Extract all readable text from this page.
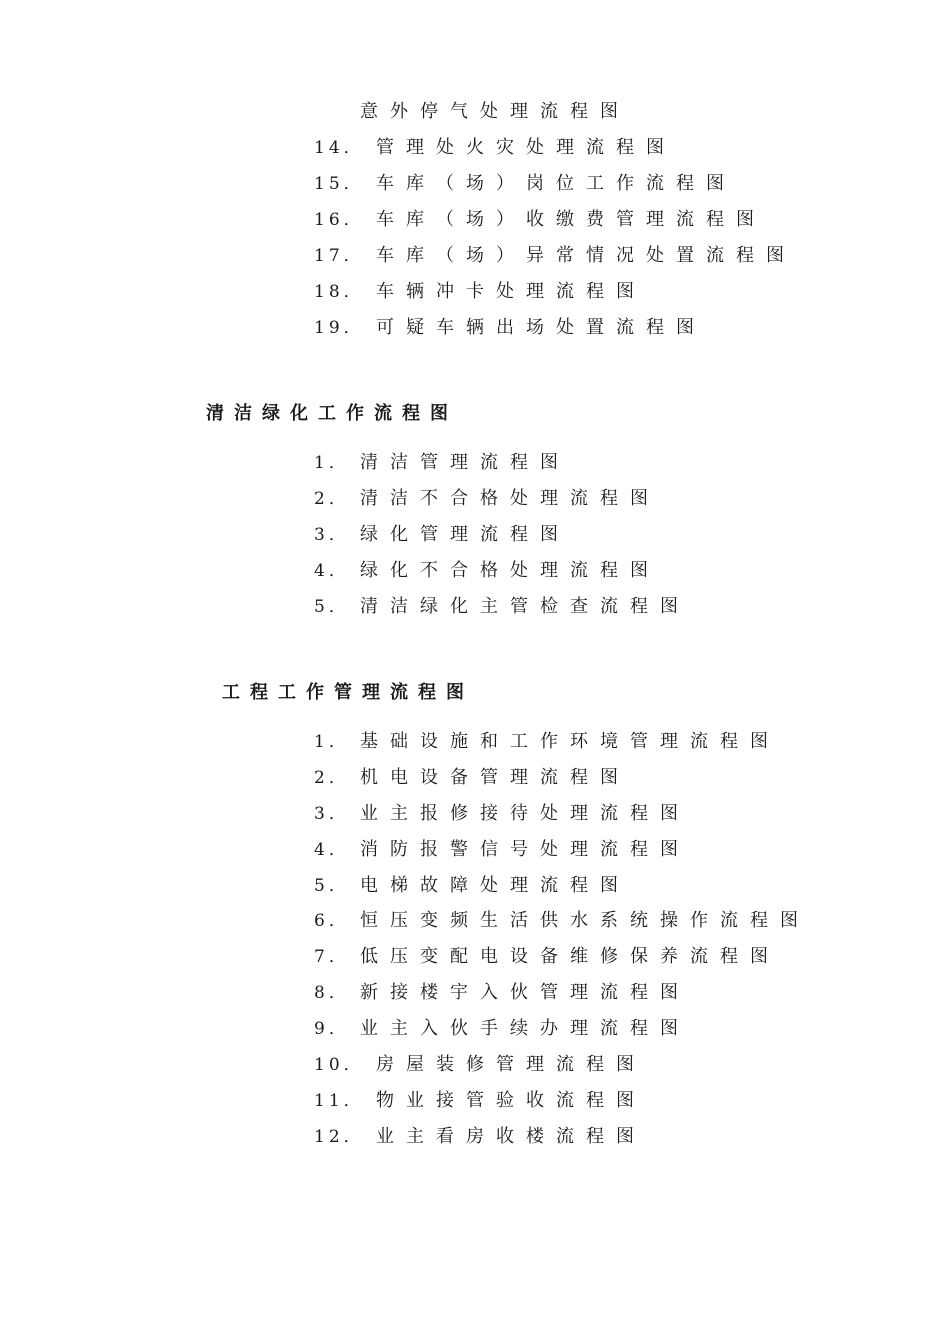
意外停气处理流程图
14． 管理处火灾处理流程图
15． 车库（场）岗位工作流程图
16． 车库（场）收缴费管理流程图
17． 车库（场）异常情况处置流程图
18． 车辆冲卡处理流程图
19． 可疑车辆出场处置流程图
清洁绿化工作流程图
1． 清洁管理流程图
2． 清洁不合格处理流程图
3． 绿化管理流程图
4． 绿化不合格处理流程图
5． 清洁绿化主管检查流程图
工程工作管理流程图
1． 基础设施和工作环境管理流程图
2． 机电设备管理流程图
3． 业主报修接待处理流程图
4． 消防报警信号处理流程图
5． 电梯故障处理流程图
6． 恒压变频生活供水系统操作流程图
7． 低压变配电设备维修保养流程图
8． 新接楼宇入伙管理流程图
9． 业主入伙手续办理流程图
10． 房屋装修管理流程图
11． 物业接管验收流程图
12． 业主看房收楼流程图
